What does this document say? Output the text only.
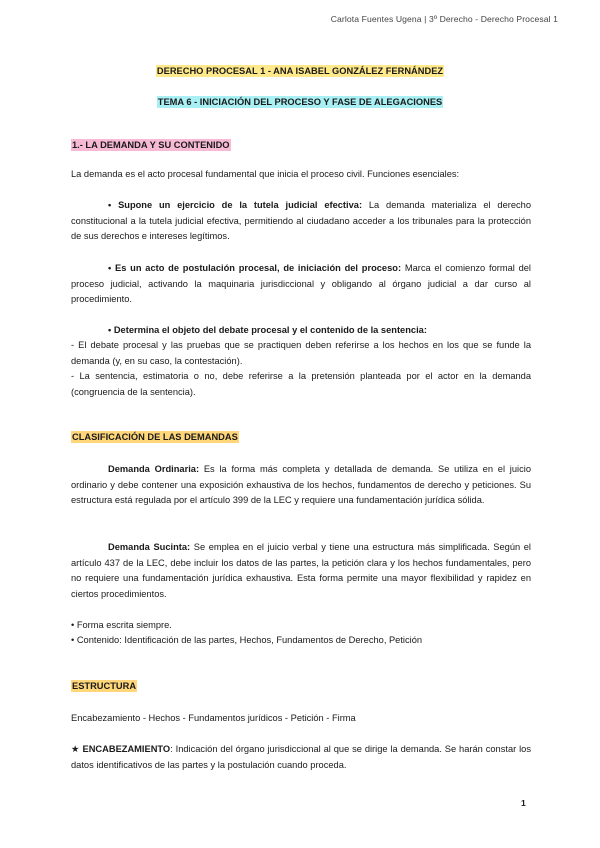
Carlota Fuentes Ugena | 3º Derecho - Derecho Procesal 1
DERECHO PROCESAL 1 - ANA ISABEL GONZÁLEZ FERNÁNDEZ
TEMA 6 - INICIACIÓN DEL PROCESO Y FASE DE ALEGACIONES
1.- LA DEMANDA Y SU CONTENIDO
La demanda es el acto procesal fundamental que inicia el proceso civil. Funciones esenciales:
• Supone un ejercicio de la tutela judicial efectiva: La demanda materializa el derecho constitucional a la tutela judicial efectiva, permitiendo al ciudadano acceder a los tribunales para la protección de sus derechos e intereses legítimos.
• Es un acto de postulación procesal, de iniciación del proceso: Marca el comienzo formal del proceso judicial, activando la maquinaria jurisdiccional y obligando al órgano judicial a dar curso al procedimiento.
• Determina el objeto del debate procesal y el contenido de la sentencia:
- El debate procesal y las pruebas que se practiquen deben referirse a los hechos en los que se funde la demanda (y, en su caso, la contestación).
- La sentencia, estimatoria o no, debe referirse a la pretensión planteada por el actor en la demanda (congruencia de la sentencia).
CLASIFICACIÓN DE LAS DEMANDAS
Demanda Ordinaria: Es la forma más completa y detallada de demanda. Se utiliza en el juicio ordinario y debe contener una exposición exhaustiva de los hechos, fundamentos de derecho y peticiones. Su estructura está regulada por el artículo 399 de la LEC y requiere una fundamentación jurídica sólida.
Demanda Sucinta: Se emplea en el juicio verbal y tiene una estructura más simplificada. Según el artículo 437 de la LEC, debe incluir los datos de las partes, la petición clara y los hechos fundamentales, pero no requiere una fundamentación jurídica exhaustiva. Esta forma permite una mayor flexibilidad y rapidez en ciertos procedimientos.
• Forma escrita siempre.
• Contenido: Identificación de las partes, Hechos, Fundamentos de Derecho, Petición
ESTRUCTURA
Encabezamiento - Hechos - Fundamentos jurídicos - Petición - Firma
★ ENCABEZAMIENTO: Indicación del órgano jurisdiccional al que se dirige la demanda. Se harán constar los datos identificativos de las partes y la postulación cuando proceda.
1
